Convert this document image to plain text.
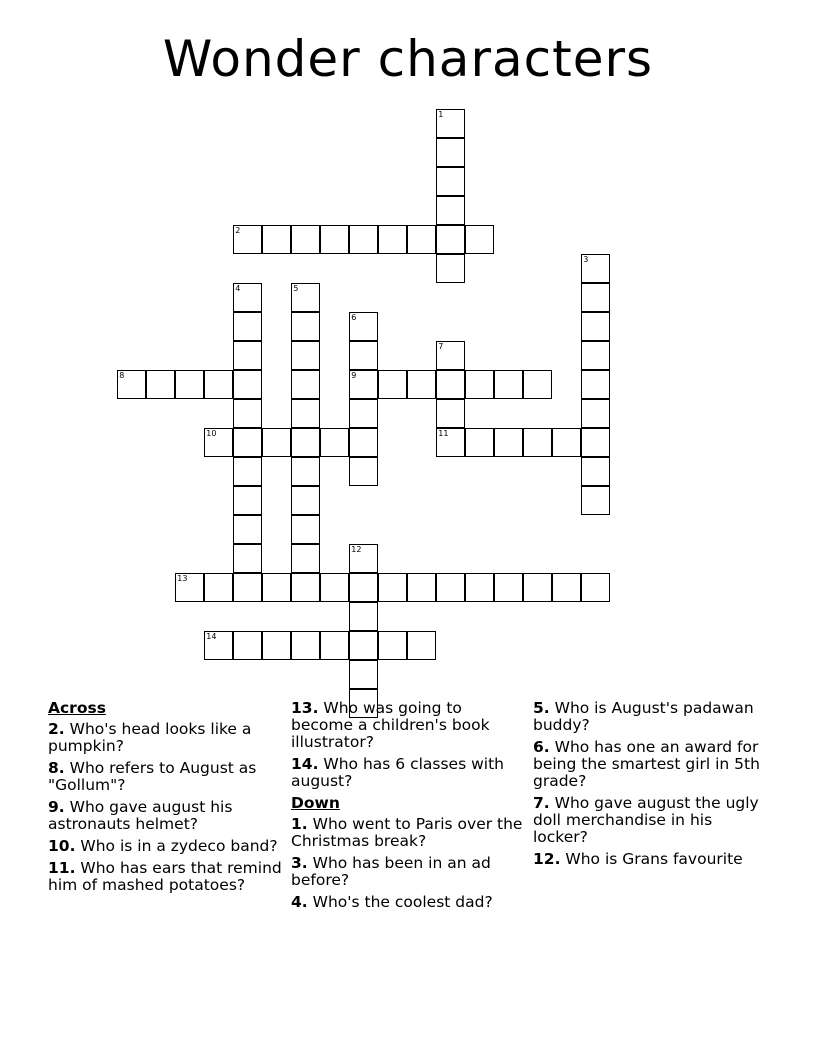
Wonder characters
1
2
3
4	5
6
9
7
11
8
10
12
13
14
Across
2. Who's head looks like a pumpkin?
8. Who refers to August as "Gollum"?
9. Who gave august his astronauts helmet?
10. Who is in a zydeco band?
11. Who has ears that remind him of mashed potatoes?
13. Who was going to become a children's book illustrator?
14. Who has 6 classes with august?
Down
1. Who went to Paris over the Christmas break?
3. Who has been in an ad before?
4. Who's the coolest dad?
5. Who is August's padawan buddy?
6. Who has one an award for being the smartest girl in 5th grade?
7. Who gave august the ugly doll merchandise in his locker?
12. Who is Grans favourite
